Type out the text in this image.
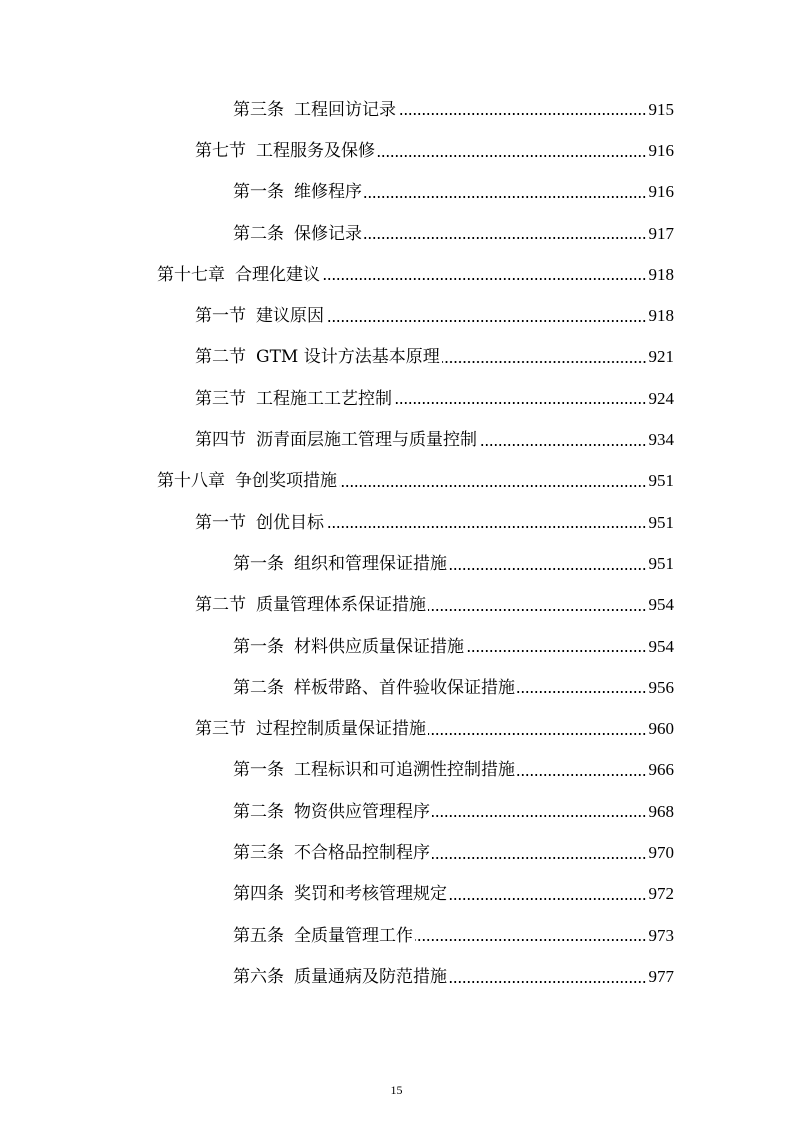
第三条 工程回访记录	915
第七节 工程服务及保修	916
第一条 维修程序	916
第二条 保修记录	917
第十七章 合理化建议	918
第一节 建议原因	918
第二节 GTM 设计方法基本原理	921
第三节 工程施工工艺控制	924
第四节 沥青面层施工管理与质量控制	934
第十八章 争创奖项措施	951
第一节 创优目标	951
第一条 组织和管理保证措施	951
第二节 质量管理体系保证措施	954
第一条 材料供应质量保证措施	954
第二条 样板带路、首件验收保证措施	956
第三节 过程控制质量保证措施	960
第一条 工程标识和可追溯性控制措施	966
第二条 物资供应管理程序	968
第三条 不合格品控制程序	970
第四条 奖罚和考核管理规定	972
第五条 全质量管理工作	973
第六条 质量通病及防范措施	977
15
